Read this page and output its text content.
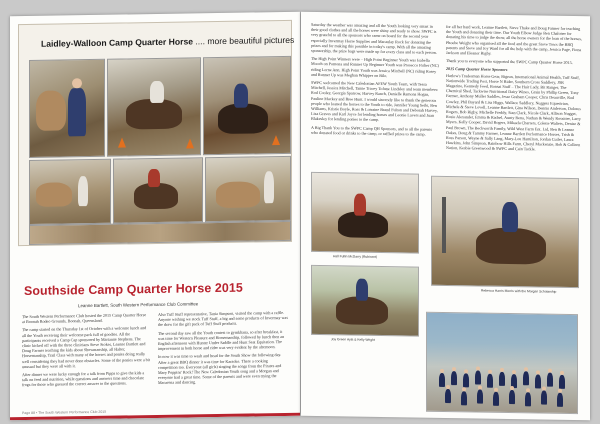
Laidley-Walloon Camp Quarter Horse .... more beautiful pictures
Southside Camp Quarter Horse 2015
Leanne Bartlett, South Western Performance Club Committee

The South Western Performance Club hosted the 2015 Camp Quarter Horse at Boonah Rodeo Grounds, Boonah, Queensland.

The camp started on the Thursday 1st of October with a welcome lunch and all the Youth receiving their welcome pack full of goodies. All the participants received a Camp Cap sponsored by Marianne Stephens. The clinic kicked off with the three clinicians Steve Stokes, Leanne Bartlett and Doug Farmer teaching the kids about Showmanship, all Halter, Horsemanship, Trail Class with many of the horses and ponies doing really well considering they had never done obstacles. Some of the ponies were a bit unusual but they were all with it.

After dinner we were lucky enough for a talk from Pippa to give the kids a talk on feed and nutrition, while questions and answers time and chocolate frogs for those who guessed the correct answer to the questions.

Also Tuff Stuff representative, Tania Simpson, visited the camp with a raffle. Anyone wishing we stock Tuff Stuff, a big and some products of Invermay was the draw for the gift pack of Tuff Stuff products.

The second day saw all the Youth contest to gymkhana, so after breakfast, it was time for Western Pleasure and Horsemanship, followed by lunch then an English afternoon with Hunter Under Saddle and Hunt Seat Equitation. The improvement in both horse and rider was very evident by the afternoon.

In now it was time to wash and head for the South Show the following day. After a great BBQ dinner it was time for Karaoke. There a cooking competition too. Everyone (all girls) singing the songs from the Pirates and Mary Poppins' Rock! The New Caledonian Youth song and a Morgan and everyone had a great time. Some of the parents and were even trying the Macarena and dancing.

Page 88 • The South Western Performance Club 2015

Saturday the weather was amazing and all the Youth looking very smart in their good clothes and all the horses were shiny and ready to show. SWPC is very grateful to all the sponsors who came on board for the second year especially Invermay Horse Supplies and Macaulay Rock for donating the prizes and for making this possible in today's camp. With all the amazing sponsorship, the prize bags were made up for every class and to each person.

The High Point Winners were – High Point Beginner Youth was Isabella Mooch on Pomona and Runner Up Beginner Youth was Prosecco Fisher (NC) riding Lorne Ann. High Point Youth was Jessica Mitchell (NC) riding Rosey and Runner Up was Meghan Whipper on Bilo.

SWPC welcomed the New Caledonian AFEW Youth Team, with Tessa Mitchell, Jessica Mitchell, Tanne Tracey Tofune Lindsley and team members: Rod Cooley, Georgia Sparrow, Harvey Ranch, Danielle Ramona Hogan, Pauline Mackey and Bree Hunt. I would sincerely like to thank the generous people who loaned the horses to the Youth to ride, Jennifer Young Seibt, Ben Williams, Kristie Boyle, Ross & Lorraine Brand Fulton and Deborah Harvey, Liza Graves and Karl Joyce for lending horses and Leonie Lavers and Juan Blakesley for lending ponies to the camp.

A Big Thank You to the SWPC Camp QH Sponsors, and to all the parents who donated food or drinks to the camp, or raffled prizes to the camp.

for all her hard work, Leanne Bartlett, Steve Thake and Doug Farmer for teaching the Youth and donating their time. Our Youth Elbow Judge Ben Chaloner for donating his time to judge the show, all the horse owners for the loan of the horses, Phoebe Weight who organised all the food and the great Stove Tows the BBQ parents and Steve and Joy Ward for all the help with the camp, Jessica Page, Fiona Jackson and Eleanor Rigby.

Thank you to everyone who supported the SWPC Camp Quarter Horse 2015.

2015 Camp Quarter Horse Sponsors

Harlow's Tradesman Horse Gear, Bigrun, International Animal Health, Tuff Stuff, Nationwide Trading Post, Horse N Rider, Southern Cross Saddlery, JSR Magazine, Kennedy Feed, Bonsai Stuff – The Hair Lady, Bit Ranger, The Chemical Shed, Tackwise Nutritional Dairy Wines, Grain by Phillip Green, Tony Farmer, Anthony Muller Saddles, Jesse Graham Cooper, Chris Deauville, Rod Cowley, Phil Bayard & Lisa Higgs, Wallace Saddlery, Nuggets Equestrian, Michele & Steve Lovell, Leanne Bartlett, Gina Wilson, Dennis Anderson, Dolores Rogers, Bob Rigby, Michelle Freddy, Stan Clark, Nicole Clark, Allison Nugget, Rosie Alexander, Emma & Rachel, Aunty Rena, Nathan & Wendy Rossitter, Larry Myers, Kelly Cooper, David Rogers, Mikaela Charters, Colette Walters, Denise & Paul Brown, The Beckworth Family, Wild West Farm Ent. Ltd, Ben & Leanne Oakes, Doug & Tammy Farmer, Leanne Bartlett Performance Horses, Trish & Ross Parson, Wayne & Sally Lang, Mary-Lou Hamilton, Jordan Cutler, Laura Hawkins, John Simpson, Rainbow Hills Farm, Cheryl Mackenzie, Bob & Colleen Nation, Kesbie Greenwood & SWPC and Cain Tackle.

Hall Fullin McGarry (Rubicent)
Rebecca Harris Morris with the Morgan Scholarship
Joy Green Ayla & Kelly Wright
